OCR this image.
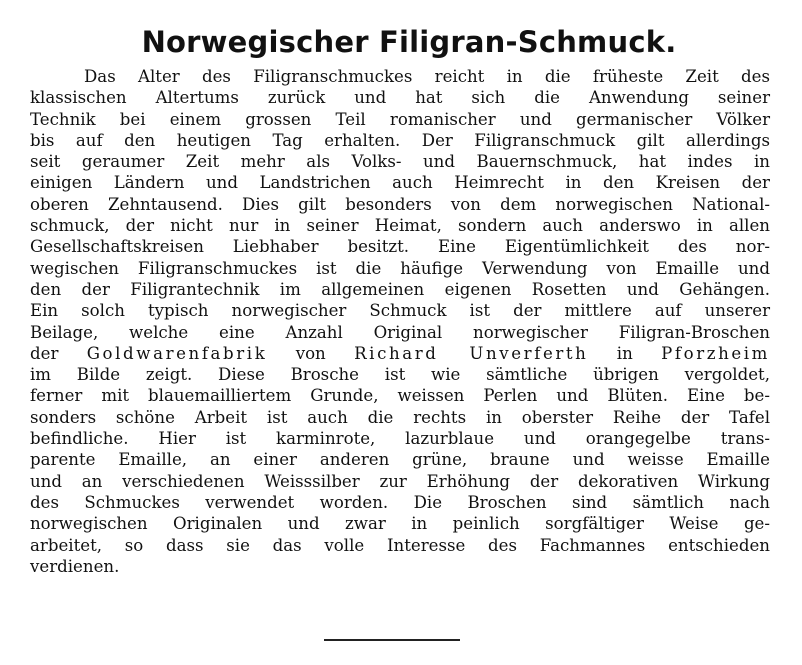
Norwegischer Filigran-Schmuck.
Das Alter des Filigranschmuckes reicht in die früheste Zeit des
klassischen Altertums zurück und hat sich die Anwendung seiner
Technik bei einem grossen Teil romanischer und germanischer Völker
bis auf den heutigen Tag erhalten. Der Filigranschmuck gilt allerdings
seit geraumer Zeit mehr als Volks- und Bauernschmuck, hat indes in
einigen Ländern und Landstrichen auch Heimrecht in den Kreisen der
oberen Zehntausend. Dies gilt besonders von dem norwegischen National-
schmuck, der nicht nur in seiner Heimat, sondern auch anderswo in allen
Gesellschaftskreisen Liebhaber besitzt. Eine Eigentümlichkeit des nor-
wegischen Filigranschmuckes ist die häufige Verwendung von Emaille und
den der Filigrantechnik im allgemeinen eigenen Rosetten und Gehängen.
Ein solch typisch norwegischer Schmuck ist der mittlere auf unserer
Beilage, welche eine Anzahl Original norwegischer Filigran-Broschen
der Goldwarenfabrik von Richard Unverferth in Pforzheim
im Bilde zeigt. Diese Brosche ist wie sämtliche übrigen vergoldet,
ferner mit blauemailliertem Grunde, weissen Perlen und Blüten. Eine be-
sonders schöne Arbeit ist auch die rechts in oberster Reihe der Tafel
befindliche. Hier ist karminrote, lazurblaue und orangegelbe trans-
parente Emaille, an einer anderen grüne, braune und weisse Emaille
und an verschiedenen Weisssilber zur Erhöhung der dekorativen Wirkung
des Schmuckes verwendet worden. Die Broschen sind sämtlich nach
norwegischen Originalen und zwar in peinlich sorgfältiger Weise ge-
arbeitet, so dass sie das volle Interesse des Fachmannes entschieden
verdienen.
